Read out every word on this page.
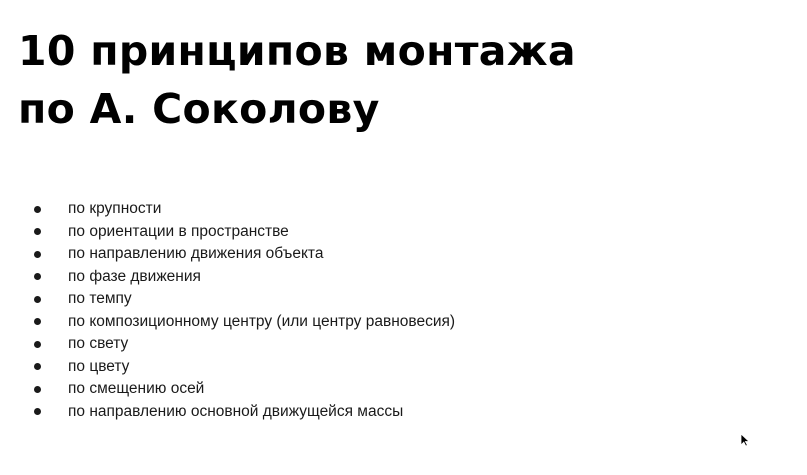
10 принципов монтажа
по А. Соколову
по крупности
по ориентации в пространстве
по направлению движения объекта
по фазе движения
по темпу
по композиционному центру (или центру равновесия)
по свету
по цвету
по смещению осей
по направлению основной движущейся массы
